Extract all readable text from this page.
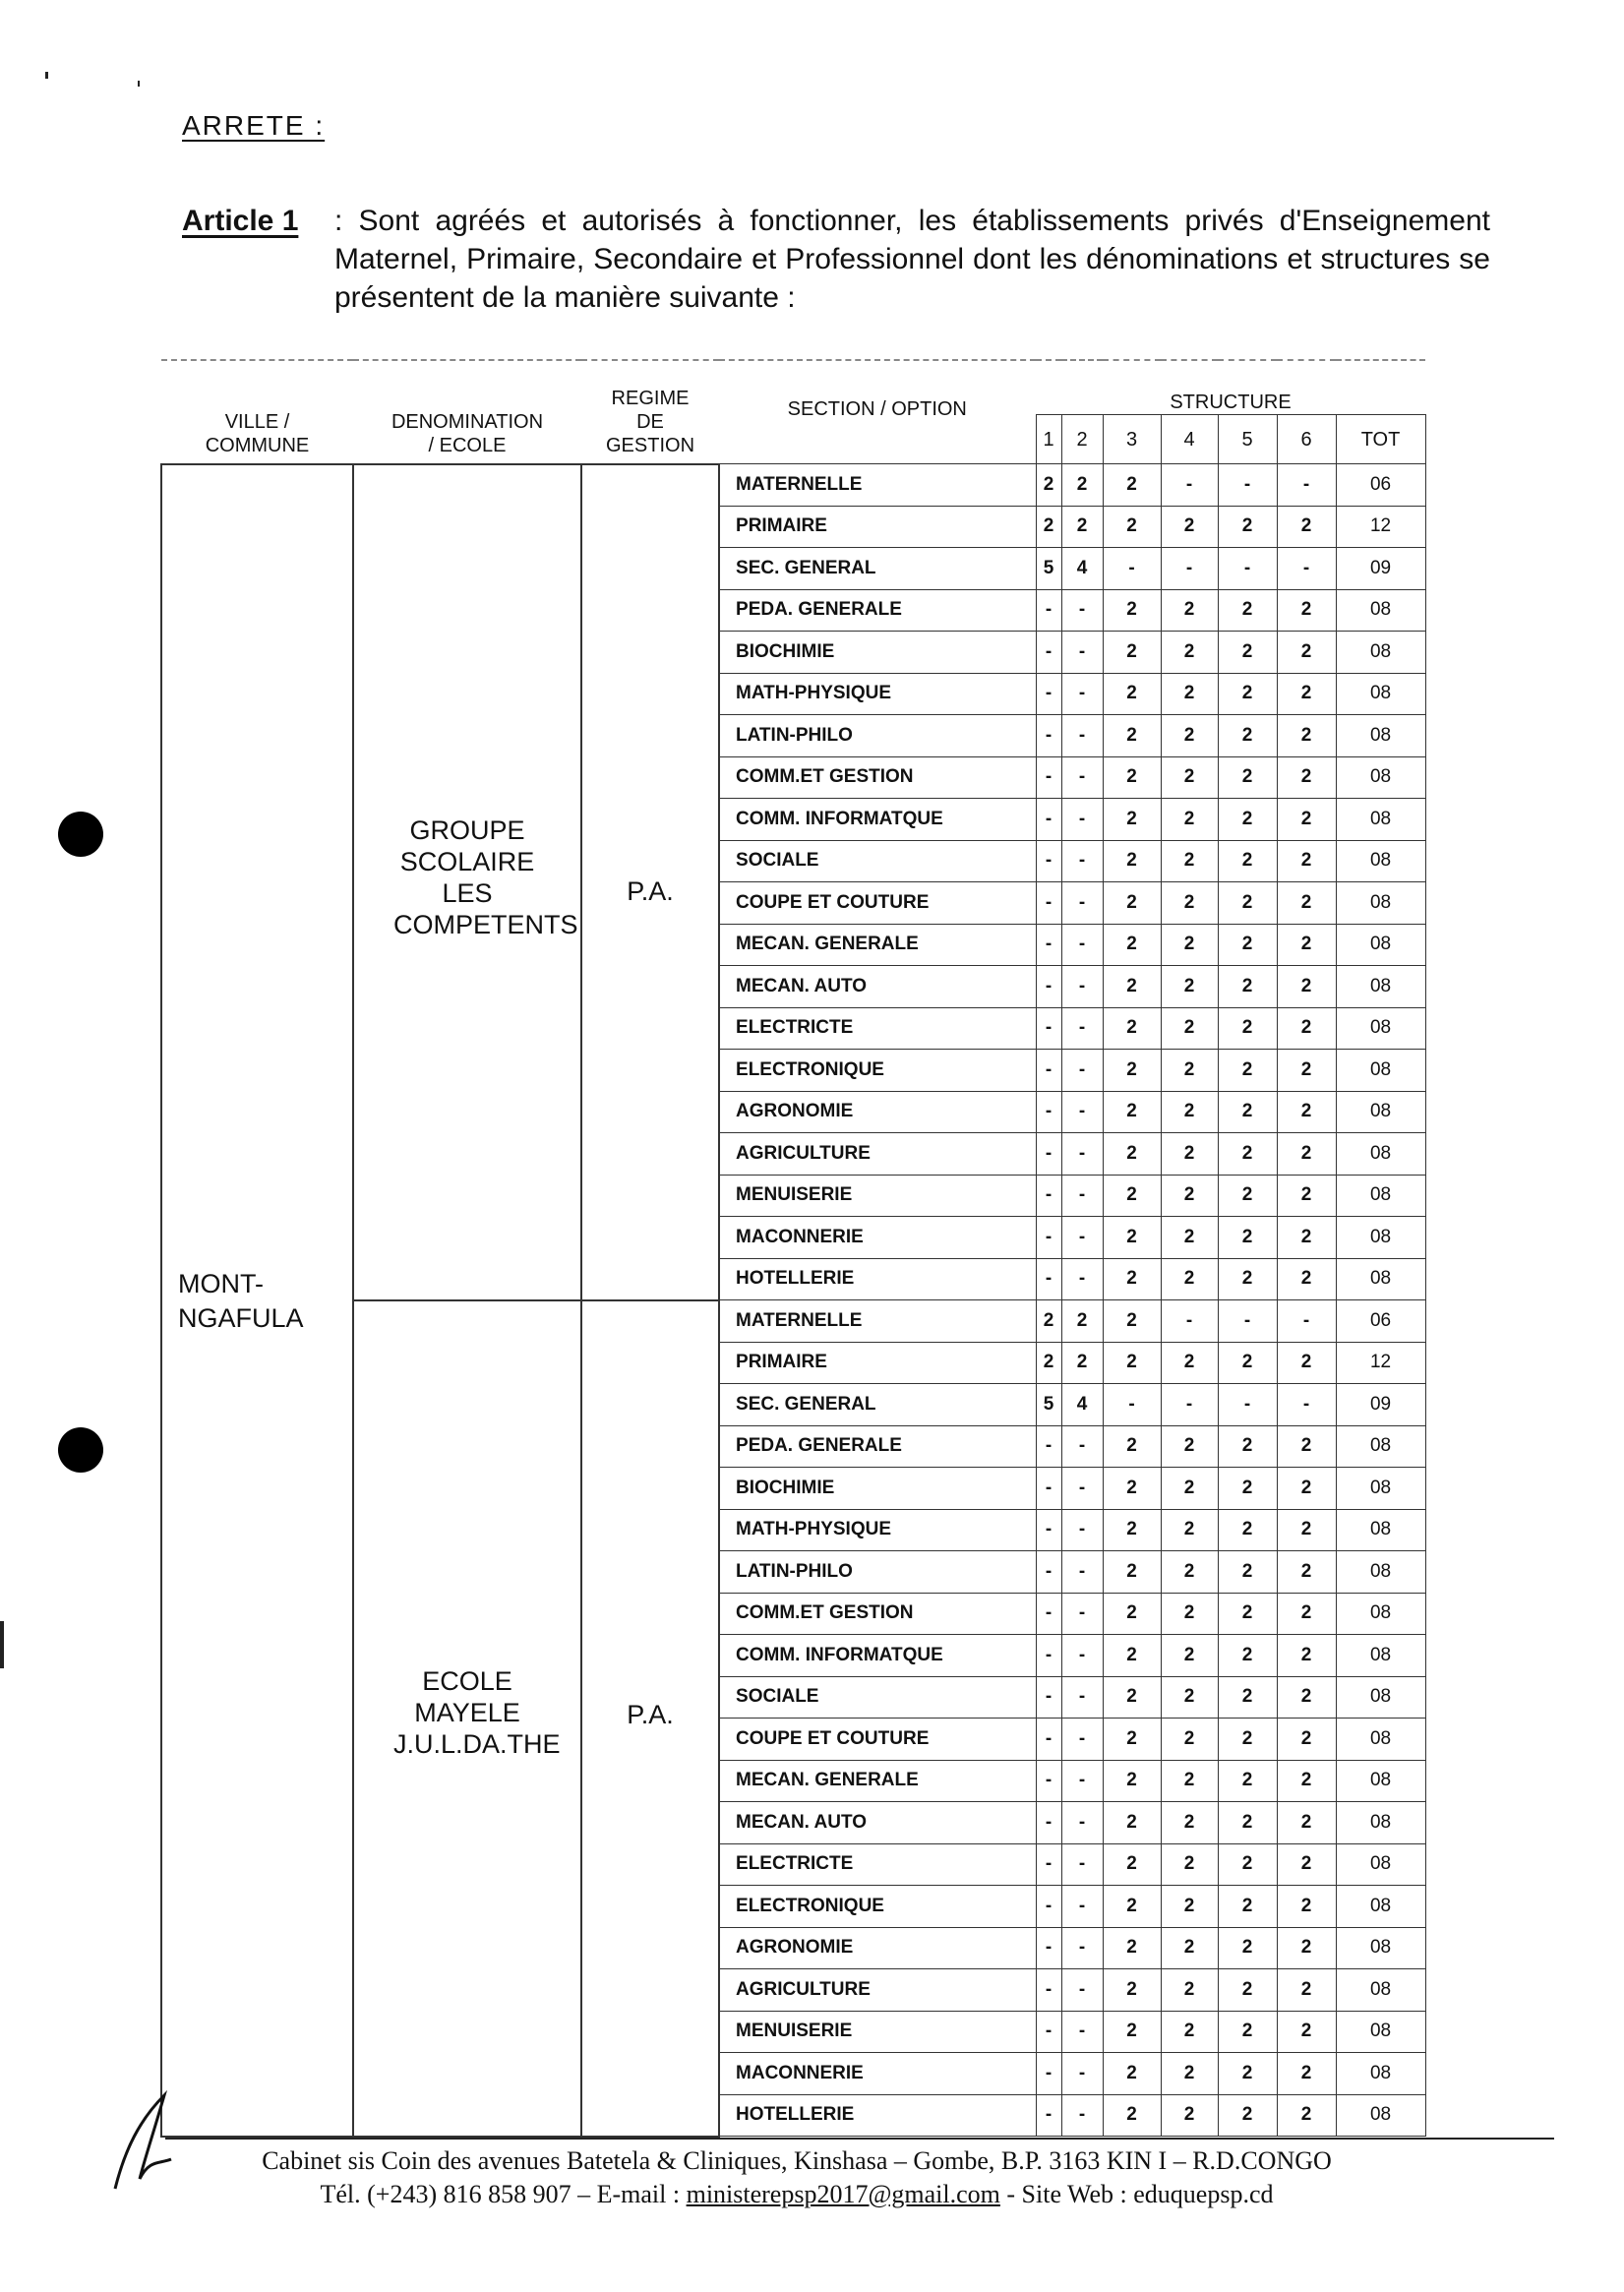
ARRETE :
Article 1 : Sont agréés et autorisés à fonctionner, les établissements privés d'Enseignement Maternel, Primaire, Secondaire et Professionnel dont les dénominations et structures se présentent de la manière suivante :
VILLE / COMMUNE	DENOMINATION / ECOLE	REGIME DE GESTION	SECTION / OPTION	STRUCTURE						
				1	2	3	4	5	6	TOT

MONT-NGAFULA	GROUPE SCOLAIRE LES COMPETENTS	P.A.	MATERNELLE	2	2	2	-	-	-	06
			PRIMAIRE	2	2	2	2	2	2	12
			SEC. GENERAL	5	4	-	-	-	-	09
			PEDA. GENERALE	-	-	2	2	2	2	08
			BIOCHIMIE	-	-	2	2	2	2	08
			MATH-PHYSIQUE	-	-	2	2	2	2	08
			LATIN-PHILO	-	-	2	2	2	2	08
			COMM.ET GESTION	-	-	2	2	2	2	08
			COMM. INFORMATQUE	-	-	2	2	2	2	08
			SOCIALE	-	-	2	2	2	2	08
			COUPE ET COUTURE	-	-	2	2	2	2	08
			MECAN. GENERALE	-	-	2	2	2	2	08
			MECAN. AUTO	-	-	2	2	2	2	08
			ELECTRICTE	-	-	2	2	2	2	08
			ELECTRONIQUE	-	-	2	2	2	2	08
			AGRONOMIE	-	-	2	2	2	2	08
			AGRICULTURE	-	-	2	2	2	2	08
			MENUISERIE	-	-	2	2	2	2	08
			MACONNERIE	-	-	2	2	2	2	08
			HOTELLERIE	-	-	2	2	2	2	08

	ECOLE MAYELE J.U.L.DA.THE	P.A.	MATERNELLE	2	2	2	-	-	-	06
			PRIMAIRE	2	2	2	2	2	2	12
			SEC. GENERAL	5	4	-	-	-	-	09
			PEDA. GENERALE	-	-	2	2	2	2	08
			BIOCHIMIE	-	-	2	2	2	2	08
			MATH-PHYSIQUE	-	-	2	2	2	2	08
			LATIN-PHILO	-	-	2	2	2	2	08
			COMM.ET GESTION	-	-	2	2	2	2	08
			COMM. INFORMATQUE	-	-	2	2	2	2	08
			SOCIALE	-	-	2	2	2	2	08
			COUPE ET COUTURE	-	-	2	2	2	2	08
			MECAN. GENERALE	-	-	2	2	2	2	08
			MECAN. AUTO	-	-	2	2	2	2	08
			ELECTRICTE	-	-	2	2	2	2	08
			ELECTRONIQUE	-	-	2	2	2	2	08
			AGRONOMIE	-	-	2	2	2	2	08
			AGRICULTURE	-	-	2	2	2	2	08
			MENUISERIE	-	-	2	2	2	2	08
			MACONNERIE	-	-	2	2	2	2	08
			HOTELLERIE	-	-	2	2	2	2	08
Cabinet sis Coin des avenues Batetela & Cliniques, Kinshasa – Gombe, B.P. 3163 KIN I – R.D.CONGO
Tél. (+243) 816 858 907 – E-mail : ministerepsp2017@gmail.com - Site Web : eduquepsp.cd
